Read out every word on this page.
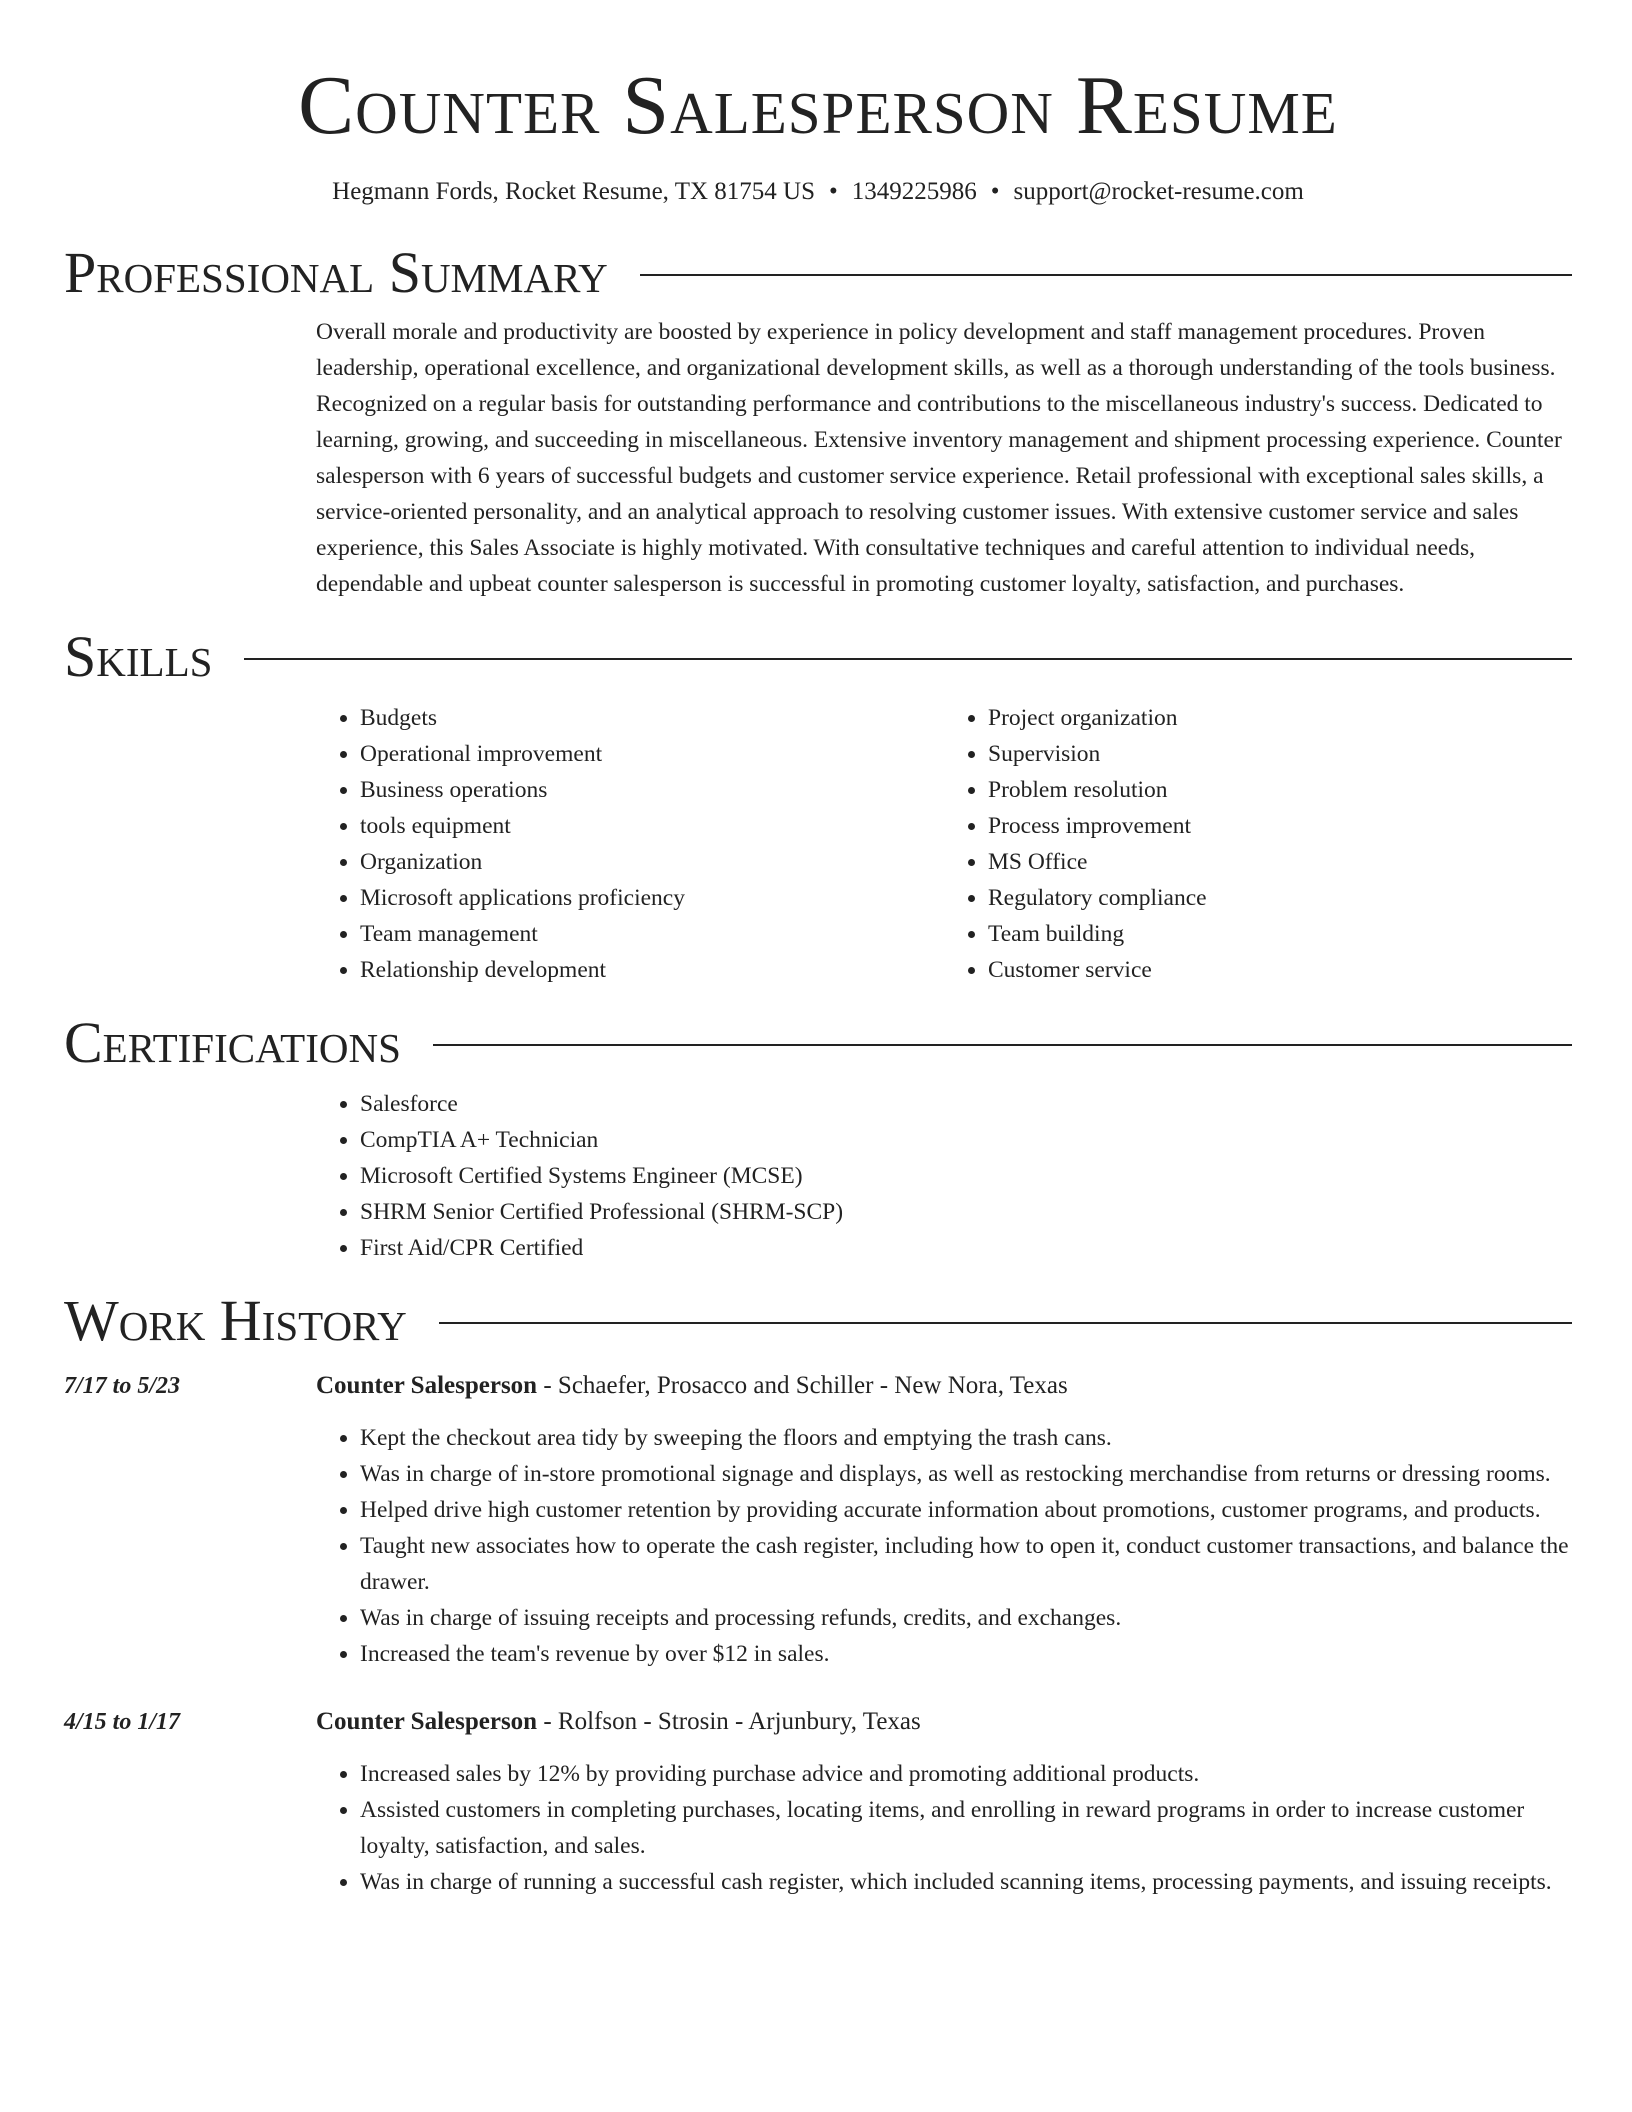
Counter Salesperson Resume
Hegmann Fords, Rocket Resume, TX 81754 US • 1349225986 • support@rocket-resume.com
Professional Summary

Overall morale and productivity are boosted by experience in policy development and staff management procedures. Proven leadership, operational excellence, and organizational development skills, as well as a thorough understanding of the tools business. Recognized on a regular basis for outstanding performance and contributions to the miscellaneous industry's success. Dedicated to learning, growing, and succeeding in miscellaneous. Extensive inventory management and shipment processing experience. Counter salesperson with 6 years of successful budgets and customer service experience. Retail professional with exceptional sales skills, a service-oriented personality, and an analytical approach to resolving customer issues. With extensive customer service and sales experience, this Sales Associate is highly motivated. With consultative techniques and careful attention to individual needs, dependable and upbeat counter salesperson is successful in promoting customer loyalty, satisfaction, and purchases.

Skills
• Budgets
• Operational improvement
• Business operations
• tools equipment
• Organization
• Microsoft applications proficiency
• Team management
• Relationship development
• Project organization
• Supervision
• Problem resolution
• Process improvement
• MS Office
• Regulatory compliance
• Team building
• Customer service
Certifications
• Salesforce
• CompTIA A+ Technician
• Microsoft Certified Systems Engineer (MCSE)
• SHRM Senior Certified Professional (SHRM-SCP)
• First Aid/CPR Certified
Work History
7/17 to 5/23	Counter Salesperson - Schaefer, Prosacco and Schiller - New Nora, Texas
• Kept the checkout area tidy by sweeping the floors and emptying the trash cans.
• Was in charge of in-store promotional signage and displays, as well as restocking merchandise from returns or dressing rooms.
• Helped drive high customer retention by providing accurate information about promotions, customer programs, and products.
• Taught new associates how to operate the cash register, including how to open it, conduct customer transactions, and balance the drawer.
• Was in charge of issuing receipts and processing refunds, credits, and exchanges.
• Increased the team's revenue by over $12 in sales.
4/15 to 1/17	Counter Salesperson - Rolfson - Strosin - Arjunbury, Texas
• Increased sales by 12% by providing purchase advice and promoting additional products.
• Assisted customers in completing purchases, locating items, and enrolling in reward programs in order to increase customer loyalty, satisfaction, and sales.
• Was in charge of running a successful cash register, which included scanning items, processing payments, and issuing receipts.
